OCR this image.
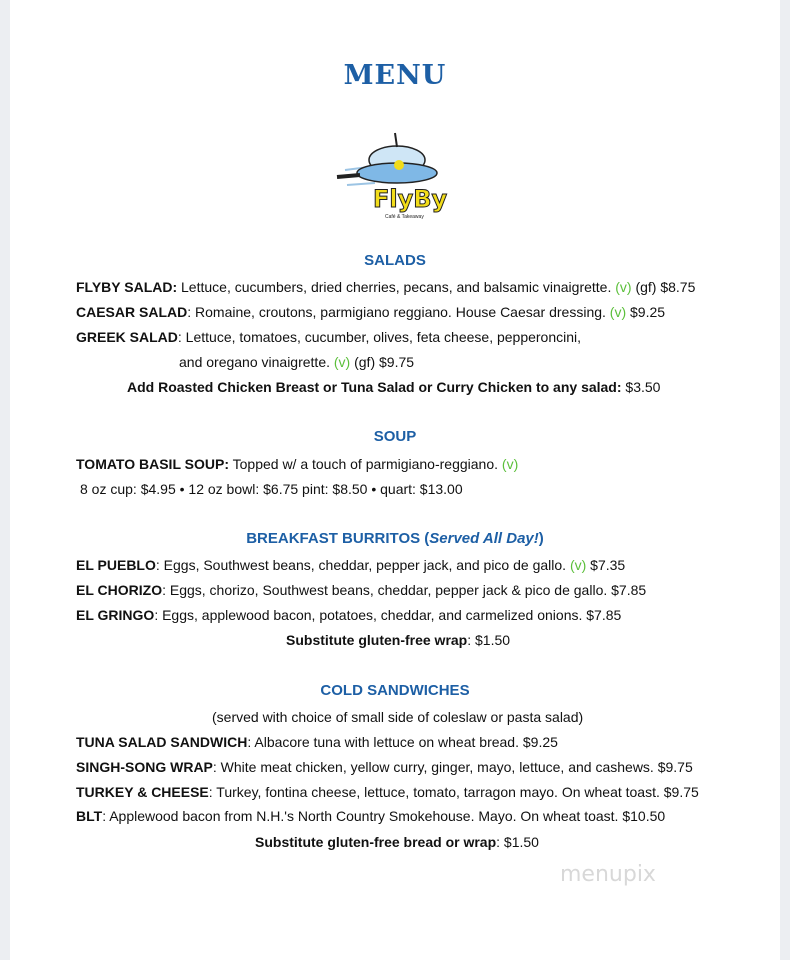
MENU
FlyBy
Café & Takeaway
SALADS
FLYBY SALAD: Lettuce, cucumbers, dried cherries, pecans, and balsamic vinaigrette. (v) (gf) $8.75
CAESAR SALAD: Romaine, croutons, parmigiano reggiano. House Caesar dressing. (v) $9.25
GREEK SALAD: Lettuce, tomatoes, cucumber, olives, feta cheese, pepperoncini,
and oregano vinaigrette. (v) (gf) $9.75
Add Roasted Chicken Breast or Tuna Salad or Curry Chicken to any salad: $3.50
SOUP
TOMATO BASIL SOUP: Topped w/ a touch of parmigiano-reggiano. (v)
8 oz cup: $4.95 • 12 oz bowl: $6.75 pint: $8.50 • quart: $13.00
BREAKFAST BURRITOS (Served All Day!)
EL PUEBLO: Eggs, Southwest beans, cheddar, pepper jack, and pico de gallo. (v) $7.35
EL CHORIZO: Eggs, chorizo, Southwest beans, cheddar, pepper jack & pico de gallo. $7.85
EL GRINGO: Eggs, applewood bacon, potatoes, cheddar, and carmelized onions. $7.85
Substitute gluten-free wrap: $1.50
COLD SANDWICHES
(served with choice of small side of coleslaw or pasta salad)
TUNA SALAD SANDWICH: Albacore tuna with lettuce on wheat bread. $9.25
SINGH-SONG WRAP: White meat chicken, yellow curry, ginger, mayo, lettuce, and cashews. $9.75
TURKEY & CHEESE: Turkey, fontina cheese, lettuce, tomato, tarragon mayo. On wheat toast. $9.75
BLT: Applewood bacon from N.H.'s North Country Smokehouse. Mayo. On wheat toast. $10.50
Substitute gluten-free bread or wrap: $1.50
menupix
